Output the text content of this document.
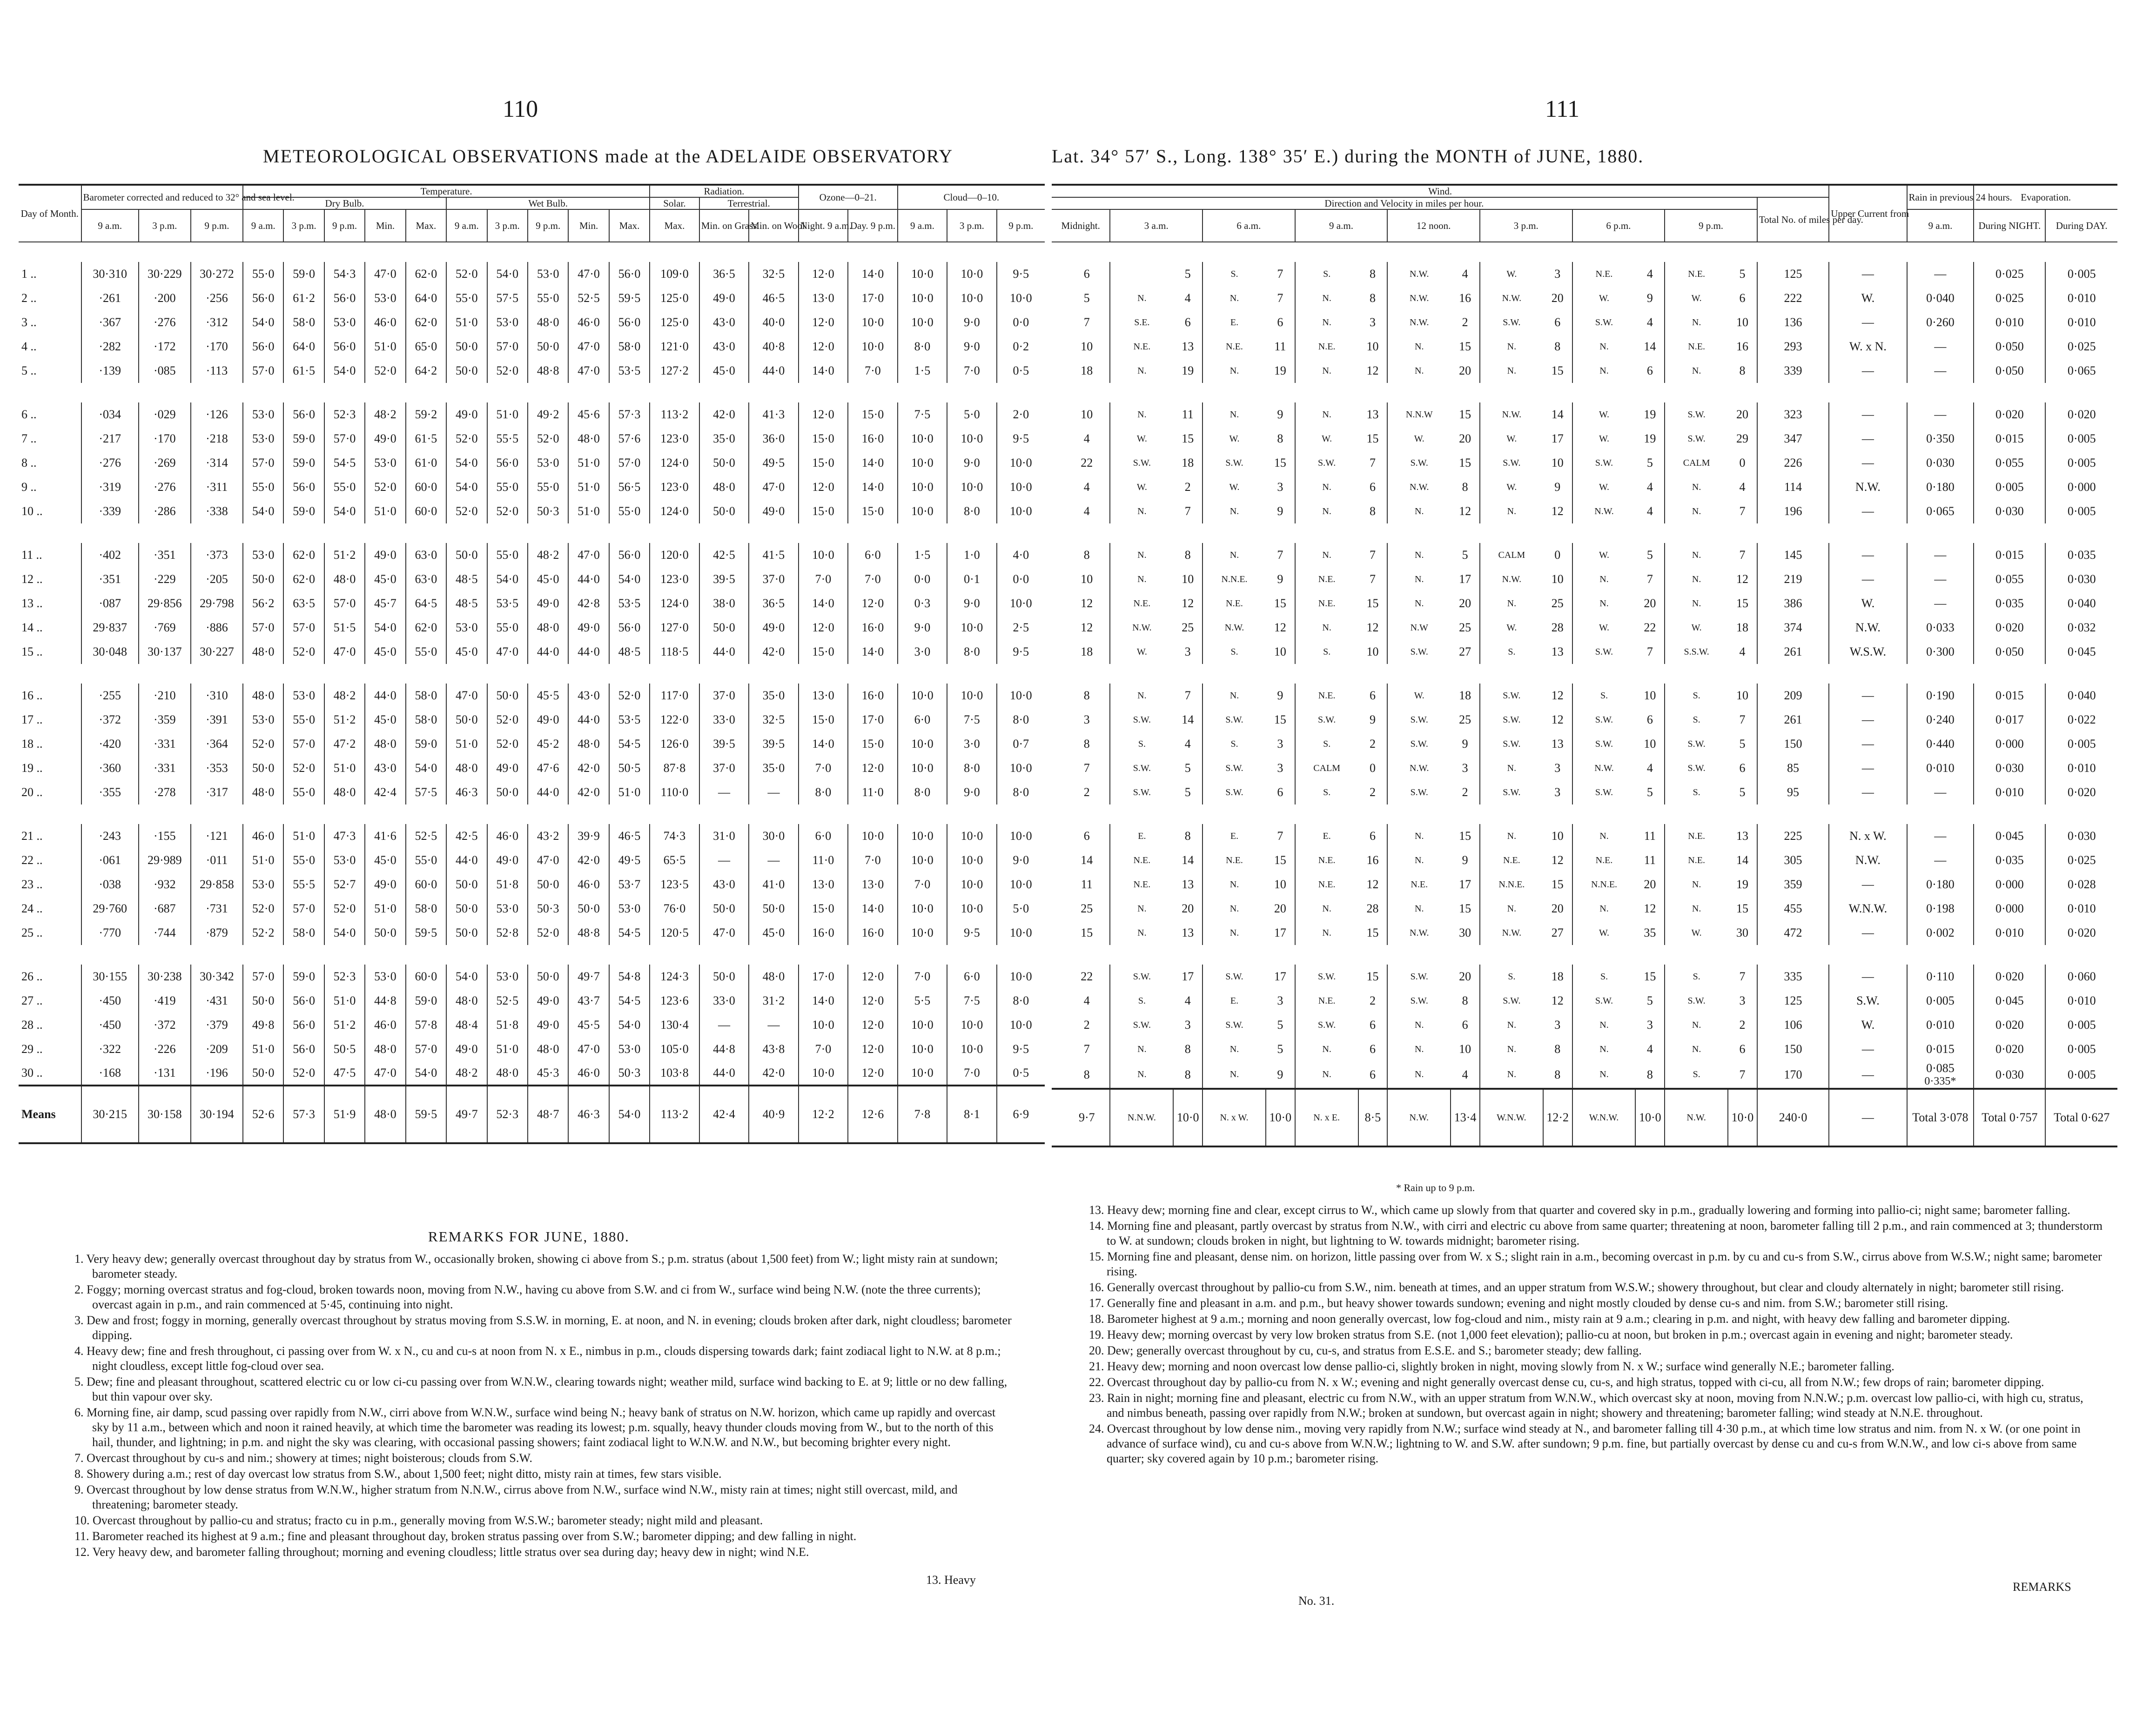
110
METEOROLOGICAL OBSERVATIONS made at the ADELAIDE OBSERVATORY
Day of Month.	Barometer corrected and reduced to 32° and sea level.			Temperature.										Radiation.			Ozone—0–21.		Cloud—0–10.		
				Dry Bulb.					Wet Bulb.					Solar.	Terrestrial.						
	9 a.m.	3 p.m.	9 p.m.	9 a.m.	3 p.m.	9 p.m.	Min.	Max.	9 a.m.	3 p.m.	9 p.m.	Min.	Max.	Max.	Min. on Grass.	Min. on Wool.	Night. 9 a.m.	Day. 9 p.m.	9 a.m.	3 p.m.	9 p.m.

1 ..	30·310	30·229	30·272	55·0	59·0	54·3	47·0	62·0	52·0	54·0	53·0	47·0	56·0	109·0	36·5	32·5	12·0	14·0	10·0	10·0	9·5
2 ..	·261	·200	·256	56·0	61·2	56·0	53·0	64·0	55·0	57·5	55·0	52·5	59·5	125·0	49·0	46·5	13·0	17·0	10·0	10·0	10·0
3 ..	·367	·276	·312	54·0	58·0	53·0	46·0	62·0	51·0	53·0	48·0	46·0	56·0	125·0	43·0	40·0	12·0	10·0	10·0	9·0	0·0
4 ..	·282	·172	·170	56·0	64·0	56·0	51·0	65·0	50·0	57·0	50·0	47·0	58·0	121·0	43·0	40·8	12·0	10·0	8·0	9·0	0·2
5 ..	·139	·085	·113	57·0	61·5	54·0	52·0	64·2	50·0	52·0	48·8	47·0	53·5	127·2	45·0	44·0	14·0	7·0	1·5	7·0	0·5

6 ..	·034	·029	·126	53·0	56·0	52·3	48·2	59·2	49·0	51·0	49·2	45·6	57·3	113·2	42·0	41·3	12·0	15·0	7·5	5·0	2·0
7 ..	·217	·170	·218	53·0	59·0	57·0	49·0	61·5	52·0	55·5	52·0	48·0	57·6	123·0	35·0	36·0	15·0	16·0	10·0	10·0	9·5
8 ..	·276	·269	·314	57·0	59·0	54·5	53·0	61·0	54·0	56·0	53·0	51·0	57·0	124·0	50·0	49·5	15·0	14·0	10·0	9·0	10·0
9 ..	·319	·276	·311	55·0	56·0	55·0	52·0	60·0	54·0	55·0	55·0	51·0	56·5	123·0	48·0	47·0	12·0	14·0	10·0	10·0	10·0
10 ..	·339	·286	·338	54·0	59·0	54·0	51·0	60·0	52·0	52·0	50·3	51·0	55·0	124·0	50·0	49·0	15·0	15·0	10·0	8·0	10·0

11 ..	·402	·351	·373	53·0	62·0	51·2	49·0	63·0	50·0	55·0	48·2	47·0	56·0	120·0	42·5	41·5	10·0	6·0	1·5	1·0	4·0
12 ..	·351	·229	·205	50·0	62·0	48·0	45·0	63·0	48·5	54·0	45·0	44·0	54·0	123·0	39·5	37·0	7·0	7·0	0·0	0·1	0·0
13 ..	·087	29·856	29·798	56·2	63·5	57·0	45·7	64·5	48·5	53·5	49·0	42·8	53·5	124·0	38·0	36·5	14·0	12·0	0·3	9·0	10·0
14 ..	29·837	·769	·886	57·0	57·0	51·5	54·0	62·0	53·0	55·0	48·0	49·0	56·0	127·0	50·0	49·0	12·0	16·0	9·0	10·0	2·5
15 ..	30·048	30·137	30·227	48·0	52·0	47·0	45·0	55·0	45·0	47·0	44·0	44·0	48·5	118·5	44·0	42·0	15·0	14·0	3·0	8·0	9·5

16 ..	·255	·210	·310	48·0	53·0	48·2	44·0	58·0	47·0	50·0	45·5	43·0	52·0	117·0	37·0	35·0	13·0	16·0	10·0	10·0	10·0
17 ..	·372	·359	·391	53·0	55·0	51·2	45·0	58·0	50·0	52·0	49·0	44·0	53·5	122·0	33·0	32·5	15·0	17·0	6·0	7·5	8·0
18 ..	·420	·331	·364	52·0	57·0	47·2	48·0	59·0	51·0	52·0	45·2	48·0	54·5	126·0	39·5	39·5	14·0	15·0	10·0	3·0	0·7
19 ..	·360	·331	·353	50·0	52·0	51·0	43·0	54·0	48·0	49·0	47·6	42·0	50·5	87·8	37·0	35·0	7·0	12·0	10·0	8·0	10·0
20 ..	·355	·278	·317	48·0	55·0	48·0	42·4	57·5	46·3	50·0	44·0	42·0	51·0	110·0	—	—	8·0	11·0	8·0	9·0	8·0

21 ..	·243	·155	·121	46·0	51·0	47·3	41·6	52·5	42·5	46·0	43·2	39·9	46·5	74·3	31·0	30·0	6·0	10·0	10·0	10·0	10·0
22 ..	·061	29·989	·011	51·0	55·0	53·0	45·0	55·0	44·0	49·0	47·0	42·0	49·5	65·5	—	—	11·0	7·0	10·0	10·0	9·0
23 ..	·038	·932	29·858	53·0	55·5	52·7	49·0	60·0	50·0	51·8	50·0	46·0	53·7	123·5	43·0	41·0	13·0	13·0	7·0	10·0	10·0
24 ..	29·760	·687	·731	52·0	57·0	52·0	51·0	58·0	50·0	53·0	50·3	50·0	53·0	76·0	50·0	50·0	15·0	14·0	10·0	10·0	5·0
25 ..	·770	·744	·879	52·2	58·0	54·0	50·0	59·5	50·0	52·8	52·0	48·8	54·5	120·5	47·0	45·0	16·0	16·0	10·0	9·5	10·0

26 ..	30·155	30·238	30·342	57·0	59·0	52·3	53·0	60·0	54·0	53·0	50·0	49·7	54·8	124·3	50·0	48·0	17·0	12·0	7·0	6·0	10·0
27 ..	·450	·419	·431	50·0	56·0	51·0	44·8	59·0	48·0	52·5	49·0	43·7	54·5	123·6	33·0	31·2	14·0	12·0	5·5	7·5	8·0
28 ..	·450	·372	·379	49·8	56·0	51·2	46·0	57·8	48·4	51·8	49·0	45·5	54·0	130·4	—	—	10·0	12·0	10·0	10·0	10·0
29 ..	·322	·226	·209	51·0	56·0	50·5	48·0	57·0	49·0	51·0	48·0	47·0	53·0	105·0	44·8	43·8	7·0	12·0	10·0	10·0	9·5
30 ..	·168	·131	·196	50·0	52·0	47·5	47·0	54·0	48·2	48·0	45·3	46·0	50·3	103·8	44·0	42·0	10·0	12·0	10·0	7·0	0·5
Means	30·215	30·158	30·194	52·6	57·3	51·9	48·0	59·5	49·7	52·3	48·7	46·3	54·0	113·2	42·4	40·9	12·2	12·6	7·8	8·1	6·9
REMARKS FOR JUNE, 1880.

1. Very heavy dew; generally overcast throughout day by stratus from W., occasionally broken, showing ci above from S.; p.m. stratus (about 1,500 feet) from W.; light misty rain at sundown; barometer steady.

2. Foggy; morning overcast stratus and fog-cloud, broken towards noon, moving from N.W., having cu above from S.W. and ci from W., surface wind being N.W. (note the three currents); overcast again in p.m., and rain commenced at 5·45, continuing into night.

3. Dew and frost; foggy in morning, generally overcast throughout by stratus moving from S.S.W. in morning, E. at noon, and N. in evening; clouds broken after dark, night cloudless; barometer dipping.

4. Heavy dew; fine and fresh throughout, ci passing over from W. x N., cu and cu-s at noon from N. x E., nimbus in p.m., clouds dispersing towards dark; faint zodiacal light to N.W. at 8 p.m.; night cloudless, except little fog-cloud over sea.

5. Dew; fine and pleasant throughout, scattered electric cu or low ci-cu passing over from W.N.W., clearing towards night; weather mild, surface wind backing to E. at 9; little or no dew falling, but thin vapour over sky.

6. Morning fine, air damp, scud passing over rapidly from N.W., cirri above from W.N.W., surface wind being N.; heavy bank of stratus on N.W. horizon, which came up rapidly and overcast sky by 11 a.m., between which and noon it rained heavily, at which time the barometer was reading its lowest; p.m. squally, heavy thunder clouds moving from W., but to the north of this hail, thunder, and lightning; in p.m. and night the sky was clearing, with occasional passing showers; faint zodiacal light to W.N.W. and N.W., but becoming brighter every night.

7. Overcast throughout by cu-s and nim.; showery at times; night boisterous; clouds from S.W.

8. Showery during a.m.; rest of day overcast low stratus from S.W., about 1,500 feet; night ditto, misty rain at times, few stars visible.

9. Overcast throughout by low dense stratus from W.N.W., higher stratum from N.N.W., cirrus above from N.W., surface wind N.W., misty rain at times; night still overcast, mild, and threatening; barometer steady.

10. Overcast throughout by pallio-cu and stratus; fracto cu in p.m., generally moving from W.S.W.; barometer steady; night mild and pleasant.

11. Barometer reached its highest at 9 a.m.; fine and pleasant throughout day, broken stratus passing over from S.W.; barometer dipping; and dew falling in night.

12. Very heavy dew, and barometer falling throughout; morning and evening cloudless; little stratus over sea during day; heavy dew in night; wind N.E.

13. Heavy
111
Lat. 34° 57′ S., Long. 138° 35′ E.) during the MONTH of JUNE, 1880.
Wind.																	Upper Current from	Rain in previous 24 hours.	Evaporation.	
Direction and Velocity in miles per hour.																Total No. of miles per day.				
Midnight.		3 a.m.		6 a.m.		9 a.m.		12 noon.		3 p.m.		6 p.m.		9 p.m.				9 a.m.	During NIGHT.	During DAY.

	6		5	S.	7	S.	8	N.W.	4	W.	3	N.E.	4	N.E.	5	125	—	—	0·025	0·005
	5	N.	4	N.	7	N.	8	N.W.	16	N.W.	20	W.	9	W.	6	222	W.	0·040	0·025	0·010
	7	S.E.	6	E.	6	N.	3	N.W.	2	S.W.	6	S.W.	4	N.	10	136	—	0·260	0·010	0·010
	10	N.E.	13	N.E.	11	N.E.	10	N.	15	N.	8	N.	14	N.E.	16	293	W. x N.	—	0·050	0·025
	18	N.	19	N.	19	N.	12	N.	20	N.	15	N.	6	N.	8	339	—	—	0·050	0·065

	10	N.	11	N.	9	N.	13	N.N.W	15	N.W.	14	W.	19	S.W.	20	323	—	—	0·020	0·020
	4	W.	15	W.	8	W.	15	W.	20	W.	17	W.	19	S.W.	29	347	—	0·350	0·015	0·005
	22	S.W.	18	S.W.	15	S.W.	7	S.W.	15	S.W.	10	S.W.	5	CALM	0	226	—	0·030	0·055	0·005
	4	W.	2	W.	3	N.	6	N.W.	8	W.	9	W.	4	N.	4	114	N.W.	0·180	0·005	0·000
	4	N.	7	N.	9	N.	8	N.	12	N.	12	N.W.	4	N.	7	196	—	0·065	0·030	0·005

	8	N.	8	N.	7	N.	7	N.	5	CALM	0	W.	5	N.	7	145	—	—	0·015	0·035
	10	N.	10	N.N.E.	9	N.E.	7	N.	17	N.W.	10	N.	7	N.	12	219	—	—	0·055	0·030
	12	N.E.	12	N.E.	15	N.E.	15	N.	20	N.	25	N.	20	N.	15	386	W.	—	0·035	0·040
	12	N.W.	25	N.W.	12	N.	12	N.W	25	W.	28	W.	22	W.	18	374	N.W.	0·033	0·020	0·032
	18	W.	3	S.	10	S.	10	S.W.	27	S.	13	S.W.	7	S.S.W.	4	261	W.S.W.	0·300	0·050	0·045

	8	N.	7	N.	9	N.E.	6	W.	18	S.W.	12	S.	10	S.	10	209	—	0·190	0·015	0·040
	3	S.W.	14	S.W.	15	S.W.	9	S.W.	25	S.W.	12	S.W.	6	S.	7	261	—	0·240	0·017	0·022
	8	S.	4	S.	3	S.	2	S.W.	9	S.W.	13	S.W.	10	S.W.	5	150	—	0·440	0·000	0·005
	7	S.W.	5	S.W.	3	CALM	0	N.W.	3	N.	3	N.W.	4	S.W.	6	85	—	0·010	0·030	0·010
	2	S.W.	5	S.W.	6	S.	2	S.W.	2	S.W.	3	S.W.	5	S.	5	95	—	—	0·010	0·020

	6	E.	8	E.	7	E.	6	N.	15	N.	10	N.	11	N.E.	13	225	N. x W.	—	0·045	0·030
	14	N.E.	14	N.E.	15	N.E.	16	N.	9	N.E.	12	N.E.	11	N.E.	14	305	N.W.	—	0·035	0·025
	11	N.E.	13	N.	10	N.E.	12	N.E.	17	N.N.E.	15	N.N.E.	20	N.	19	359	—	0·180	0·000	0·028
	25	N.	20	N.	20	N.	28	N.	15	N.	20	N.	12	N.	15	455	W.N.W.	0·198	0·000	0·010
	15	N.	13	N.	17	N.	15	N.W.	30	N.W.	27	W.	35	W.	30	472	—	0·002	0·010	0·020

	22	S.W.	17	S.W.	17	S.W.	15	S.W.	20	S.	18	S.	15	S.	7	335	—	0·110	0·020	0·060
	4	S.	4	E.	3	N.E.	2	S.W.	8	S.W.	12	S.W.	5	S.W.	3	125	S.W.	0·005	0·045	0·010
	2	S.W.	3	S.W.	5	S.W.	6	N.	6	N.	3	N.	3	N.	2	106	W.	0·010	0·020	0·005
	7	N.	8	N.	5	N.	6	N.	10	N.	8	N.	4	N.	6	150	—	0·015	0·020	0·005
	8	N.	8	N.	9	N.	6	N.	4	N.	8	N.	8	S.	7	170	—	0·085
0·335*	0·030	0·005
	9·7	N.N.W.	10·0	N. x W.	10·0	N. x E.	8·5	N.W.	13·4	W.N.W.	12·2	W.N.W.	10·0	N.W.	10·0	240·0	—	Total 3·078	Total 0·757	Total 0·627
* Rain up to 9 p.m.

13. Heavy dew; morning fine and clear, except cirrus to W., which came up slowly from that quarter and covered sky in p.m., gradually lowering and forming into pallio-ci; night same; barometer falling.

14. Morning fine and pleasant, partly overcast by stratus from N.W., with cirri and electric cu above from same quarter; threatening at noon, barometer falling till 2 p.m., and rain commenced at 3; thunderstorm to W. at sundown; clouds broken in night, but lightning to W. towards midnight; barometer rising.

15. Morning fine and pleasant, dense nim. on horizon, little passing over from W. x S.; slight rain in a.m., becoming overcast in p.m. by cu and cu-s from S.W., cirrus above from W.S.W.; night same; barometer rising.

16. Generally overcast throughout by pallio-cu from S.W., nim. beneath at times, and an upper stratum from W.S.W.; showery throughout, but clear and cloudy alternately in night; barometer still rising.

17. Generally fine and pleasant in a.m. and p.m., but heavy shower towards sundown; evening and night mostly clouded by dense cu-s and nim. from S.W.; barometer still rising.

18. Barometer highest at 9 a.m.; morning and noon generally overcast, low fog-cloud and nim., misty rain at 9 a.m.; clearing in p.m. and night, with heavy dew falling and barometer dipping.

19. Heavy dew; morning overcast by very low broken stratus from S.E. (not 1,000 feet elevation); pallio-cu at noon, but broken in p.m.; overcast again in evening and night; barometer steady.

20. Dew; generally overcast throughout by cu, cu-s, and stratus from E.S.E. and S.; barometer steady; dew falling.

21. Heavy dew; morning and noon overcast low dense pallio-ci, slightly broken in night, moving slowly from N. x W.; surface wind generally N.E.; barometer falling.

22. Overcast throughout day by pallio-cu from N. x W.; evening and night generally overcast dense cu, cu-s, and high stratus, topped with ci-cu, all from N.W.; few drops of rain; barometer dipping.

23. Rain in night; morning fine and pleasant, electric cu from N.W., with an upper stratum from W.N.W., which overcast sky at noon, moving from N.N.W.; p.m. overcast low pallio-ci, with high cu, stratus, and nimbus beneath, passing over rapidly from N.W.; broken at sundown, but overcast again in night; showery and threatening; barometer falling; wind steady at N.N.E. throughout.

24. Overcast throughout by low dense nim., moving very rapidly from N.W.; surface wind steady at N., and barometer falling till 4·30 p.m., at which time low stratus and nim. from N. x W. (or one point in advance of surface wind), cu and cu-s above from W.N.W.; lightning to W. and S.W. after sundown; 9 p.m. fine, but partially overcast by dense cu and cu-s from W.N.W., and low ci-s above from same quarter; sky covered again by 10 p.m.; barometer rising.

REMARKS
No. 31.
